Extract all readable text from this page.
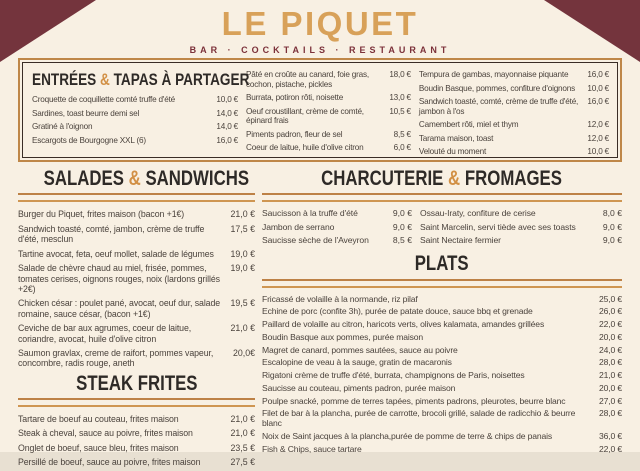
LE PIQUET
BAR · COCKTAILS · RESTAURANT
ENTRÉES & TAPAS À PARTAGER
Croquette de coquillette comté truffe d'été	10,0 €
Sardines, toast beurre demi sel	14,0 €
Gratiné à l'oignon	14,0 €
Escargots de Bourgogne XXL (6)	16,0 €
Pâté en croûte au canard, foie gras, cochon, pistache, pickles
18,0 €
Burrata, potiron rôti, noisette	13,0 €
Oeuf croustillant, crème de comté, épinard frais
10,5 €
Piments padron, fleur de sel	8,5 €
Coeur de laitue, huile d'olive citron	6,0 €
Tempura de gambas, mayonnaise piquante	16,0 €
Boudin Basque, pommes, confiture d'oignons	10,0 €
Sandwich toasté, comté, crème de truffe d'été, jambon à l'os
16,0 €
Camembert rôti, miel et thym	12,0 €
Tarama maison, toast	12,0 €
Velouté du moment	10,0 €
SALADES & SANDWICHS
Burger du Piquet, frites maison (bacon +1€)	21,0 €
Sandwich toasté, comté, jambon, crème de truffe d'été, mesclun
17,5 €
Tartine avocat, feta, oeuf mollet, salade de légumes	19,0 €
Salade de chèvre chaud au miel, frisée, pommes, tomates cerises, oignons rouges, noix (lardons grillés +2€)
19,0 €
Chicken césar : poulet pané, avocat, oeuf dur, salade romaine, sauce césar, (bacon +1€)
19,5 €
Ceviche de bar aux agrumes, coeur de laitue, coriandre, avocat, huile d'olive citron
21,0 €
Saumon gravlax, creme de raifort, pommes vapeur, concombre, radis rouge, aneth
20,0€
STEAK FRITES
Tartare de boeuf au couteau, frites maison	21,0 €
Steak à cheval, sauce au poivre, frites maison	21,0 €
Onglet de boeuf, sauce bleu, frites maison	23,5 €
Persillé de boeuf, sauce au poivre, frites maison	27,5 €
CHARCUTERIE & FROMAGES
Saucisson à la truffe d'été	9,0 €
Jambon de serrano	9,0 €
Saucisse sèche de l'Aveyron	8,5 €
Ossau-Iraty, confiture de cerise	8,0 €
Saint Marcelin, servi tiède avec ses toasts	9,0 €
Saint Nectaire fermier	9,0 €
PLATS
Fricassé de volaille à la normande, riz pilaf	25,0 €
Echine de porc (confite 3h), purée de patate douce, sauce bbq et grenade	26,0 €
Paillard de volaille au citron, haricots verts, olives kalamata, amandes grillées	22,0 €
Boudin Basque aux pommes, purée maison	20,0 €
Magret de canard, pommes sautées, sauce au poivre	24,0 €
Escalopine de veau à la sauge, gratin de macaronis	28,0 €
Rigatoni crème de truffe d'été, burrata, champignons de Paris, noisettes	21,0 €
Saucisse au couteau, piments padron, purée maison	20,0 €
Poulpe snacké, pomme de terres tapées, piments padrons, pleurotes, beurre blanc	27,0 €
Filet de bar à la plancha, purée de carrotte, brocoli grillé, salade de radicchio & beurre blanc
28,0 €
Noix de Saint jacques à la plancha,purée de pomme de terre & chips de panais	36,0 €
Fish & Chips, sauce tartare	22,0 €
